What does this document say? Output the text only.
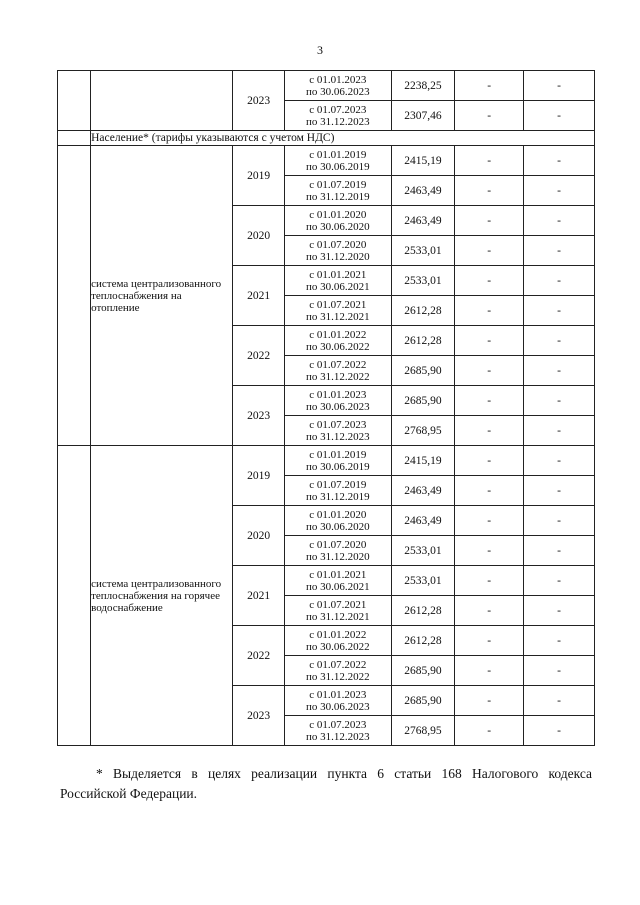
3
		2023	с 01.01.2023
по 30.06.2023	2238,25	-	-

			с 01.07.2023
по 31.12.2023	2307,46	-	-
	Население* (тарифы указываются с учетом НДС)					
	система централизованного теплоснабжения на отопление	2019	с 01.01.2019
по 30.06.2019	2415,19	-	-

			с 01.07.2019
по 31.12.2019	2463,49	-	-
		2020	с 01.01.2020
по 30.06.2020	2463,49	-	-

			с 01.07.2020
по 31.12.2020	2533,01	-	-
		2021	с 01.01.2021
по 30.06.2021	2533,01	-	-

			с 01.07.2021
по 31.12.2021	2612,28	-	-
		2022	с 01.01.2022
по 30.06.2022	2612,28	-	-

			с 01.07.2022
по 31.12.2022	2685,90	-	-
		2023	с 01.01.2023
по 30.06.2023	2685,90	-	-

			с 01.07.2023
по 31.12.2023	2768,95	-	-
	система централизованного теплоснабжения на горячее водоснабжение	2019	с 01.01.2019
по 30.06.2019	2415,19	-	-

			с 01.07.2019
по 31.12.2019	2463,49	-	-
		2020	с 01.01.2020
по 30.06.2020	2463,49	-	-

			с 01.07.2020
по 31.12.2020	2533,01	-	-
		2021	с 01.01.2021
по 30.06.2021	2533,01	-	-

			с 01.07.2021
по 31.12.2021	2612,28	-	-
		2022	с 01.01.2022
по 30.06.2022	2612,28	-	-

			с 01.07.2022
по 31.12.2022	2685,90	-	-
		2023	с 01.01.2023
по 30.06.2023	2685,90	-	-

			с 01.07.2023
по 31.12.2023	2768,95	-	-

* Выделяется в целях реализации пункта 6 статьи 168 Налогового кодекса Российской Федерации.
